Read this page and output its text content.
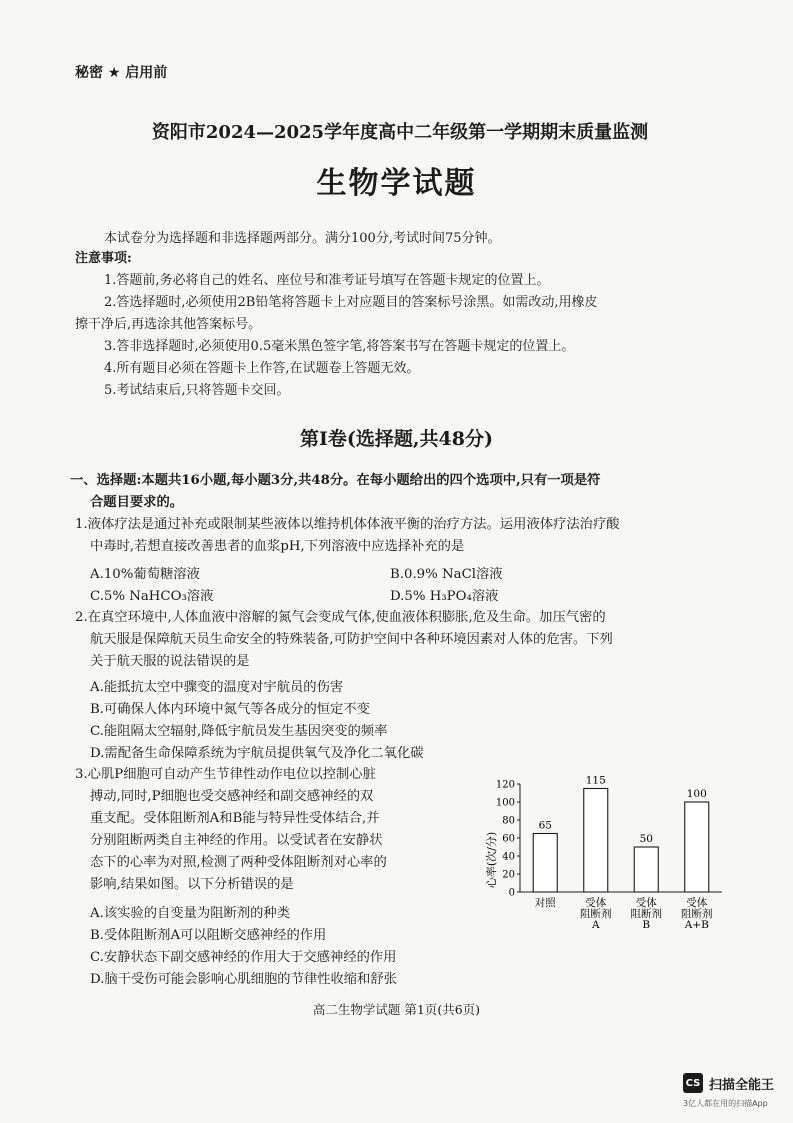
秘密 ★ 启用前
资阳市2024—2025学年度高中二年级第一学期期末质量监测
生物学试题
本试卷分为选择题和非选择题两部分。满分100分,考试时间75分钟。
注意事项:
1.答题前,务必将自己的姓名、座位号和准考证号填写在答题卡规定的位置上。
2.答选择题时,必须使用2B铅笔将答题卡上对应题目的答案标号涂黑。如需改动,用橡皮
擦干净后,再选涂其他答案标号。
3.答非选择题时,必须使用0.5毫米黑色签字笔,将答案书写在答题卡规定的位置上。
4.所有题目必须在答题卡上作答,在试题卷上答题无效。
5.考试结束后,只将答题卡交回。
第Ⅰ卷(选择题,共48分)
一、选择题:本题共16小题,每小题3分,共48分。在每小题给出的四个选项中,只有一项是符
合题目要求的。
1.液体疗法是通过补充或限制某些液体以维持机体体液平衡的治疗方法。运用液体疗法治疗酸
中毒时,若想直接改善患者的血浆pH,下列溶液中应选择补充的是
A.10%葡萄糖溶液	B.0.9% NaCl溶液
C.5% NaHCO₃溶液	D.5% H₃PO₄溶液
2.在真空环境中,人体血液中溶解的氮气会变成气体,使血液体积膨胀,危及生命。加压气密的
航天服是保障航天员生命安全的特殊装备,可防护空间中各种环境因素对人体的危害。下列
关于航天服的说法错误的是
A.能抵抗太空中骤变的温度对宇航员的伤害
B.可确保人体内环境中氮气等各成分的恒定不变
C.能阻隔太空辐射,降低宇航员发生基因突变的频率
D.需配备生命保障系统为宇航员提供氧气及净化二氧化碳
3.心肌P细胞可自动产生节律性动作电位以控制心脏
搏动,同时,P细胞也受交感神经和副交感神经的双
重支配。受体阻断剂A和B能与特异性受体结合,并
分别阻断两类自主神经的作用。以受试者在安静状
态下的心率为对照,检测了两种受体阻断剂对心率的
影响,结果如图。以下分析错误的是
A.该实验的自变量为阻断剂的种类
B.受体阻断剂A可以阻断交感神经的作用
C.安静状态下副交感神经的作用大于交感神经的作用
D.脑干受伤可能会影响心肌细胞的节律性收缩和舒张
心率(次/分)
0
20
40
60
80
100
120
65
对照
115
受体
阻断剂
A
50
受体
阻断剂
B
100
受体
阻断剂
A+B
高二生物学试题 第1页(共6页)
CS 扫描全能王
3亿人都在用的扫描App
